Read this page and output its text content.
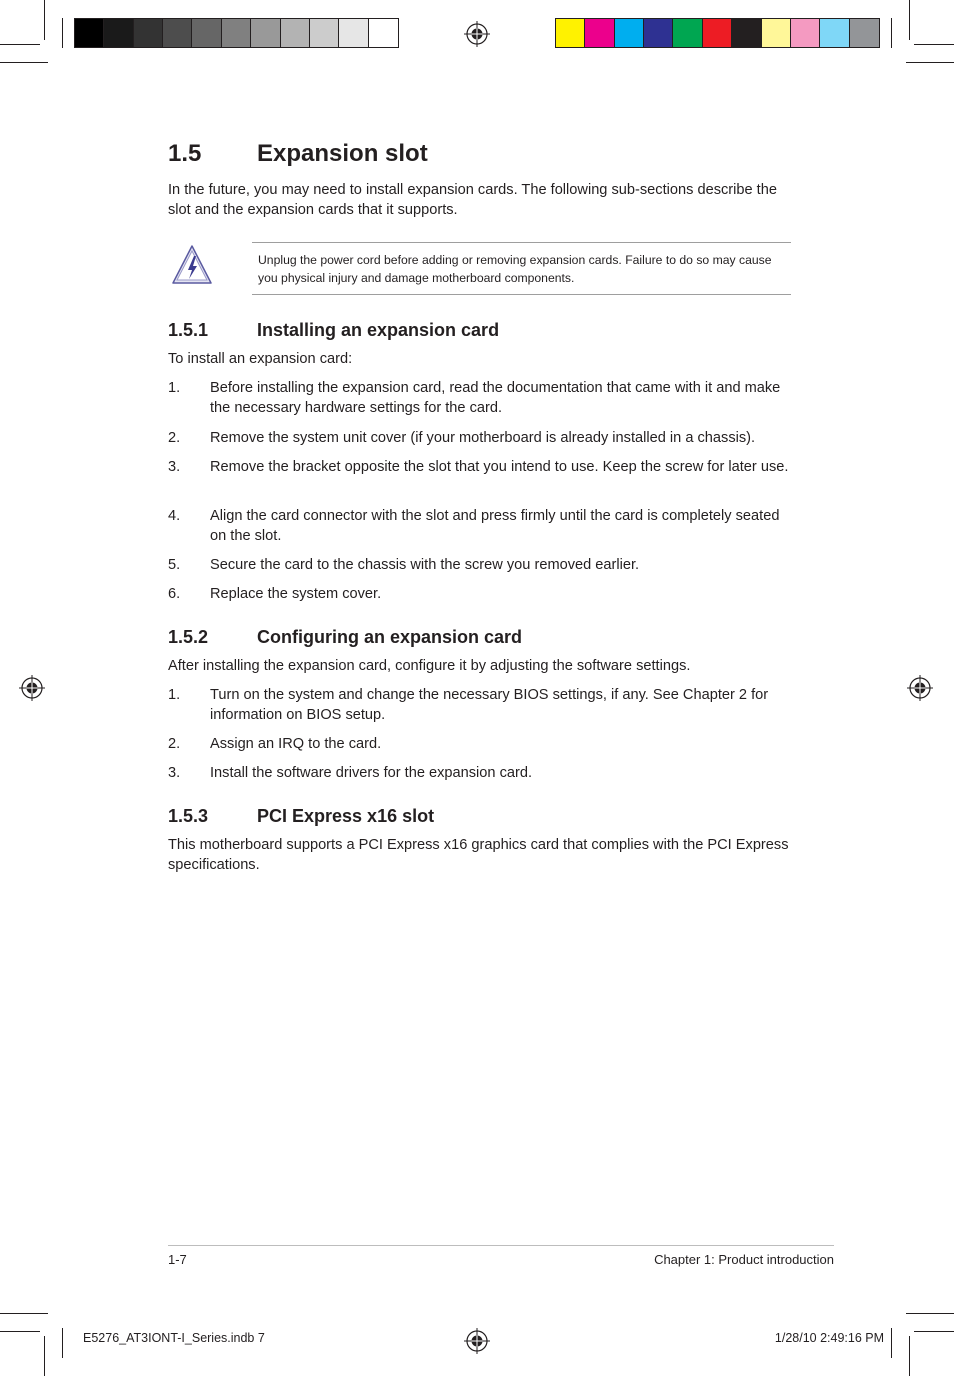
1.5 Expansion slot

In the future, you may need to install expansion cards. The following sub-sections describe the slot and the expansion cards that it supports.

Unplug the power cord before adding or removing expansion cards. Failure to do so may cause you physical injury and damage motherboard components.
1.5.1	Installing an expansion card

To install an expansion card:

1. Before installing the expansion card, read the documentation that came with it and make the necessary hardware settings for the card.
2. Remove the system unit cover (if your motherboard is already installed in a chassis).
3. Remove the bracket opposite the slot that you intend to use. Keep the screw for later use.
4. Align the card connector with the slot and press firmly until the card is completely seated on the slot.
5. Secure the card to the chassis with the screw you removed earlier.
6. Replace the system cover.
1.5.2	Configuring an expansion card

After installing the expansion card, configure it by adjusting the software settings.

1. Turn on the system and change the necessary BIOS settings, if any. See Chapter 2 for information on BIOS setup.
2. Assign an IRQ to the card.
3. Install the software drivers for the expansion card.
1.5.3	PCI Express x16 slot

This motherboard supports a PCI Express x16 graphics card that complies with the PCI Express specifications.

1-7	Chapter 1: Product introduction
E5276_AT3IONT-I_Series.indb 7	1/28/10 2:49:16 PM
